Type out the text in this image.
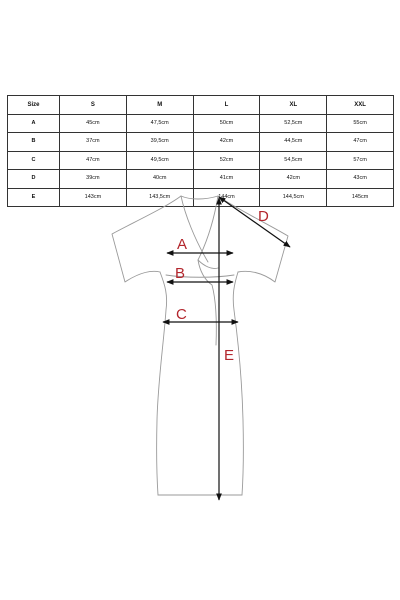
Size	S	M	L	XL	XXL
A	45cm	47,5cm	50cm	52,5cm	55cm
B	37cm	39,5cm	42cm	44,5cm	47cm
C	47cm	49,5cm	52cm	54,5cm	57cm
D	39cm	40cm	41cm	42cm	43cm
E	143cm	143,5cm	144cm	144,5cm	145cm
A
B
C
D
E
